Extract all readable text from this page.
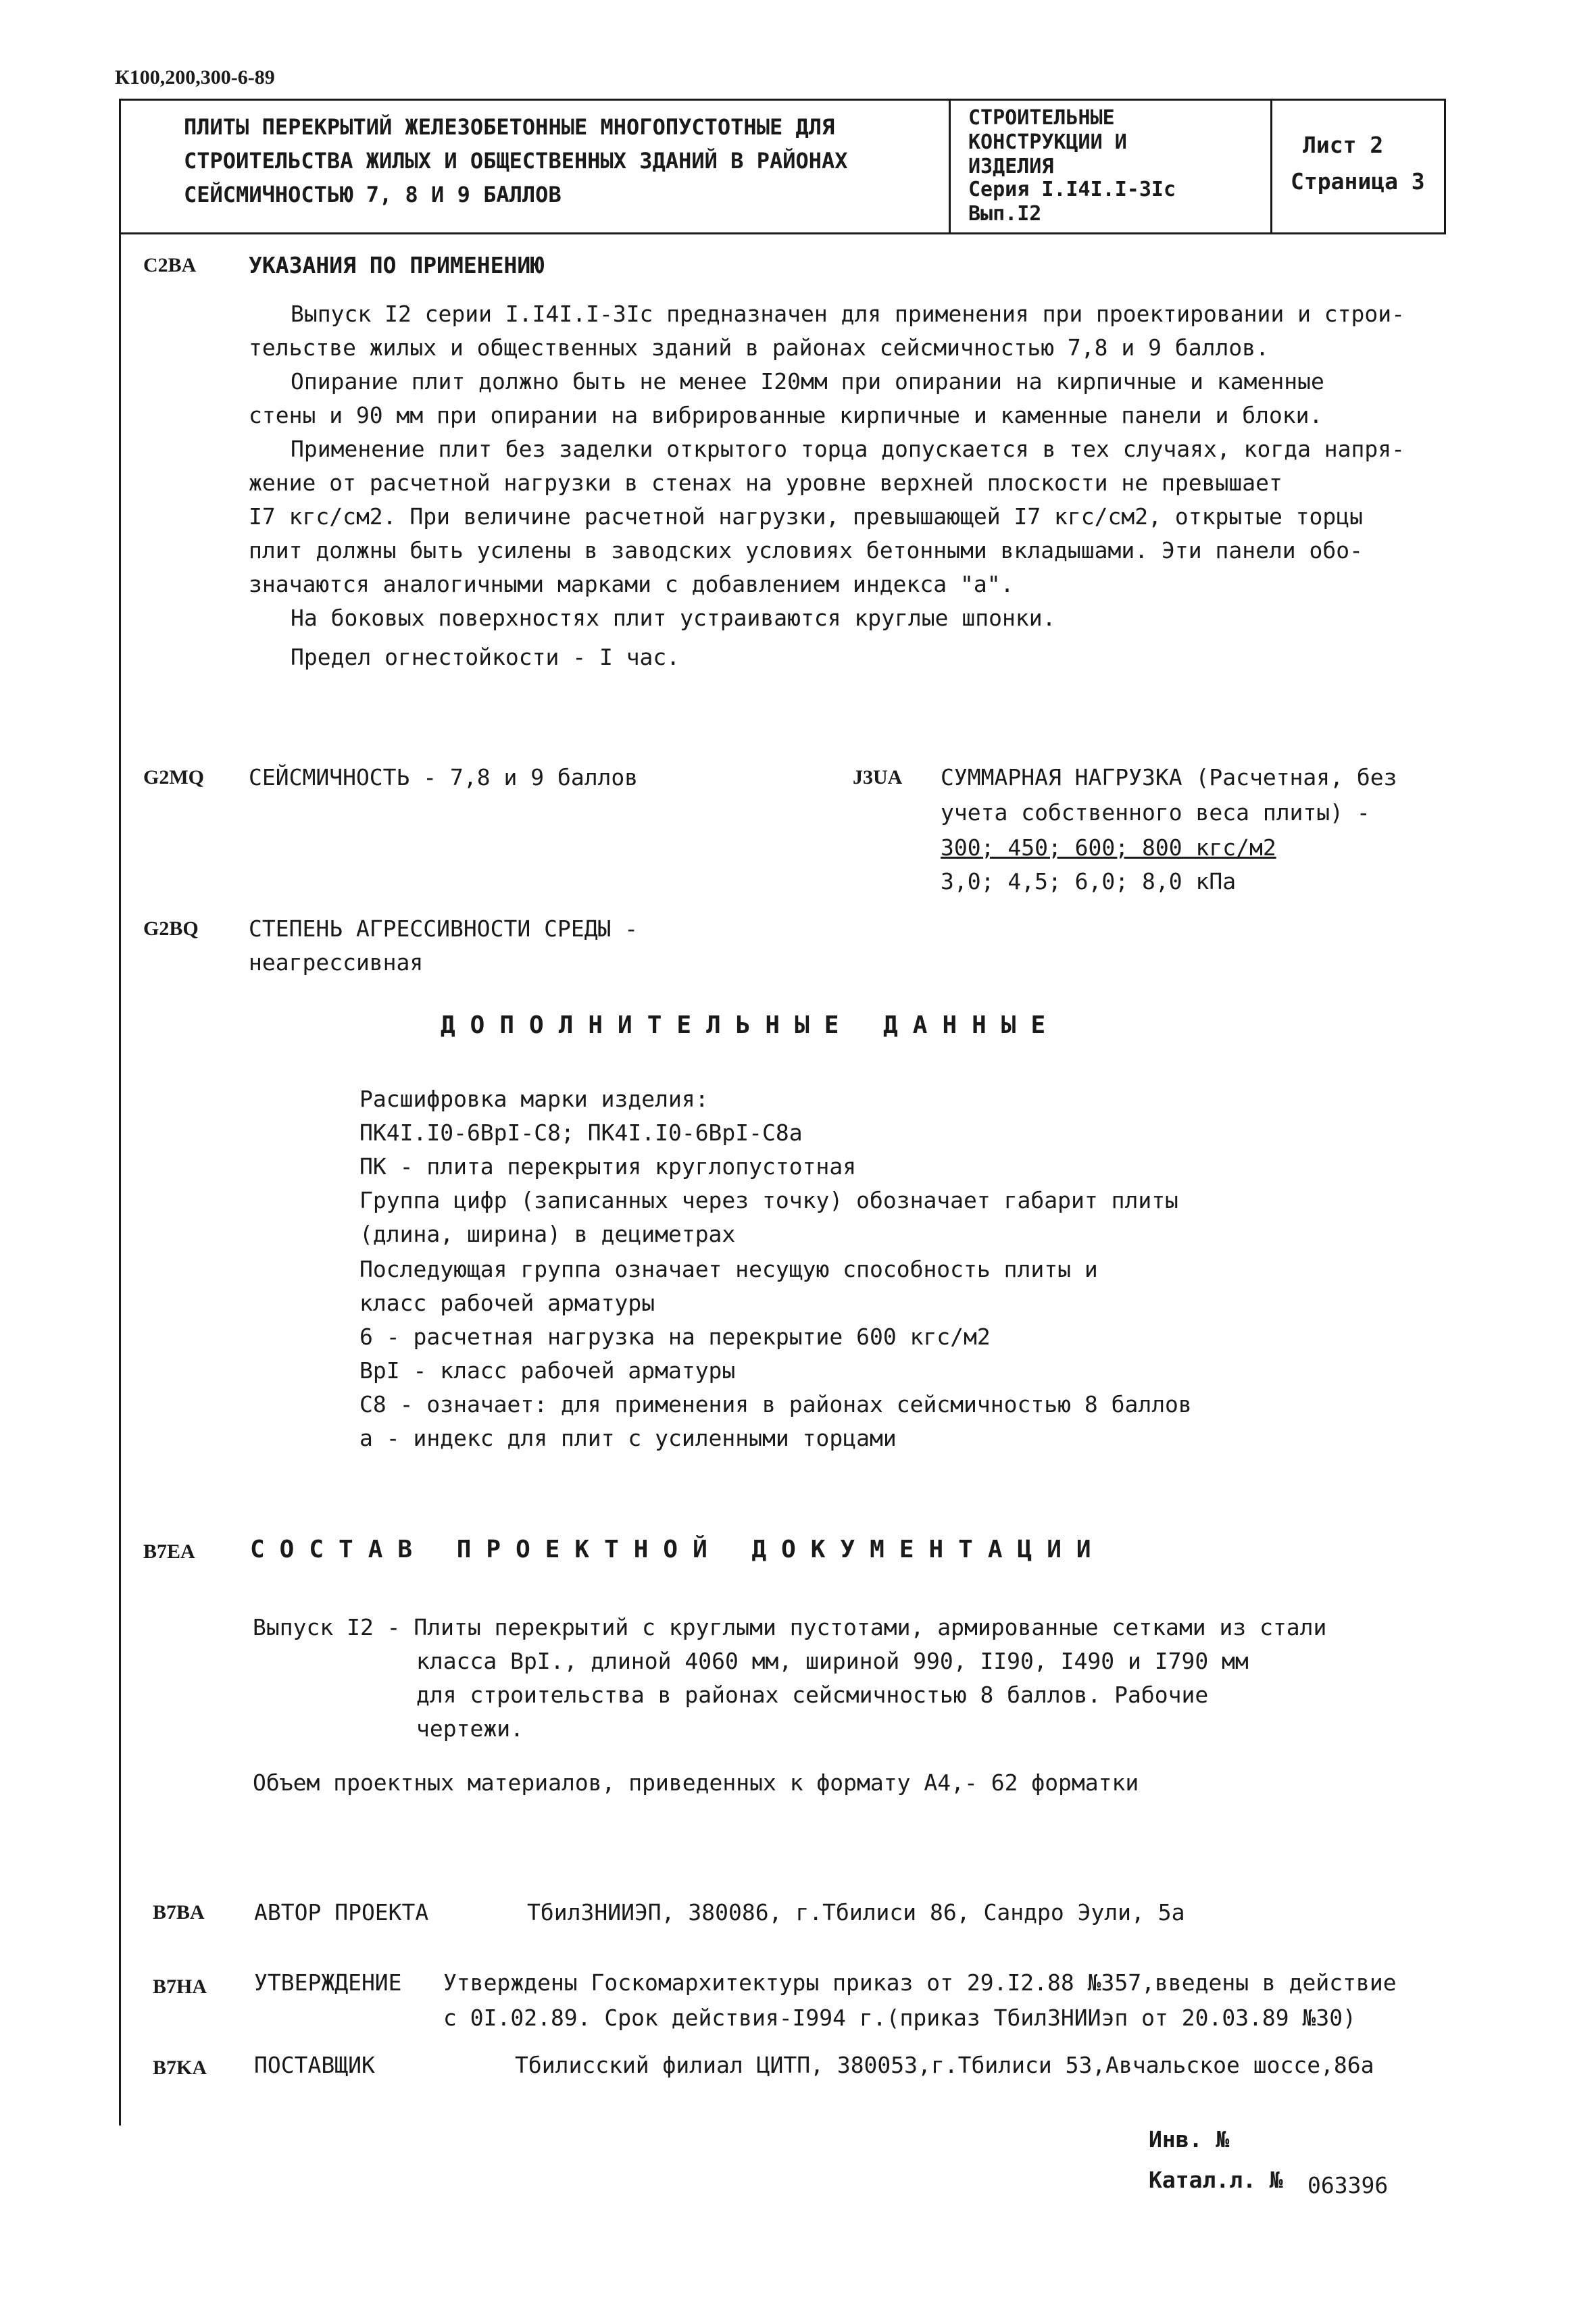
К100,200,300-6-89
ПЛИТЫ ПЕРЕКРЫТИЙ ЖЕЛЕЗОБЕТОННЫЕ МНОГОПУСТОТНЫЕ ДЛЯ
СТРОИТЕЛЬСТВА ЖИЛЫХ И ОБЩЕСТВЕННЫХ ЗДАНИЙ В РАЙОНАХ
СЕЙСМИЧНОСТЬЮ 7, 8 И 9 БАЛЛОВ
СТРОИТЕЛЬНЫЕ
КОНСТРУКЦИИ И
ИЗДЕЛИЯ
Серия I.I4I.I-3Ic
Вып.I2
Лист 2
Страница 3
C2BA УКАЗАНИЯ ПО ПРИМЕНЕНИЮ
Выпуск I2 серии I.I4I.I-3Ic предназначен для применения при проектировании и строи-
тельстве жилых и общественных зданий в районах сейсмичностью 7,8 и 9 баллов.
Опирание плит должно быть не менее I20мм при опирании на кирпичные и каменные
стены и 90 мм при опирании на вибрированные кирпичные и каменные панели и блоки.
Применение плит без заделки открытого торца допускается в тех случаях, когда напря-
жение от расчетной нагрузки в стенах на уровне верхней плоскости не превышает
I7 кгс/см2. При величине расчетной нагрузки, превышающей I7 кгс/см2, открытые торцы
плит должны быть усилены в заводских условиях бетонными вкладышами. Эти панели обо-
значаются аналогичными марками с добавлением индекса "а".
На боковых поверхностях плит устраиваются круглые шпонки.
Предел огнестойкости - I час.
G2MQ СЕЙСМИЧНОСТЬ - 7,8 и 9 баллов	J3UA СУММАРНАЯ НАГРУЗКА (Расчетная, без
учета собственного веса плиты) -
300; 450; 600; 800 кгс/м2
3,0; 4,5; 6,0; 8,0 кПа
G2BQ СТЕПЕНЬ АГРЕССИВНОСТИ СРЕДЫ -
неагрессивная
ДОПОЛНИТЕЛЬНЫЕ ДАННЫЕ
Расшифровка марки изделия:
ПК4I.I0-6BpI-C8; ПК4I.I0-6BpI-C8a
ПК - плита перекрытия круглопустотная
Группа цифр (записанных через точку) обозначает габарит плиты
(длина, ширина) в дециметрах
Последующая группа означает несущую способность плиты и
класс рабочей арматуры
6 - расчетная нагрузка на перекрытие 600 кгс/м2
BpI - класс рабочей арматуры
C8 - означает: для применения в районах сейсмичностью 8 баллов
а - индекс для плит с усиленными торцами
B7EA СОСТАВ ПРОЕКТНОЙ ДОКУМЕНТАЦИИ
Выпуск I2 - Плиты перекрытий с круглыми пустотами, армированные сетками из стали
класса BpI., длиной 4060 мм, шириной 990, II90, I490 и I790 мм
для строительства в районах сейсмичностью 8 баллов. Рабочие
чертежи.
Объем проектных материалов, приведенных к формату А4,- 62 форматки
B7BA АВТОР ПРОЕКТА	ТбилЗНИИЭП, 380086, г.Тбилиси 86, Сандро Эули, 5а
B7HA УТВЕРЖДЕНИЕ Утверждены Госкомархитектуры приказ от 29.I2.88 №357,введены в действие
с 0I.02.89. Срок действия-I994 г.(приказ ТбилЗНИИэп от 20.03.89 №30)
B7KA ПОСТАВЩИК	Тбилисский филиал ЦИТП, 380053,г.Тбилиси 53,Авчальское шоссе,86а
Инв. №
Катал.л. № 063396
